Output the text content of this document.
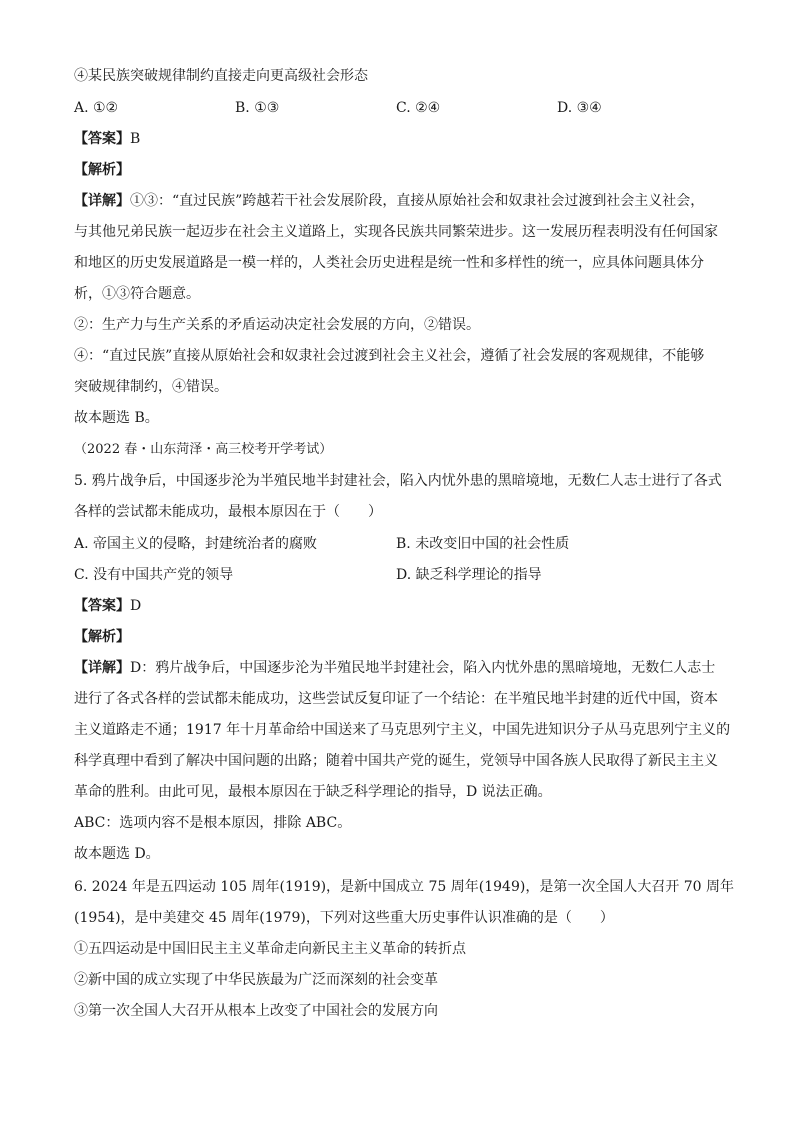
④某民族突破规律制约直接走向更高级社会形态
A. ①②	B. ①③	C. ②④	D. ③④
【答案】B
【解析】
【详解】①③：“直过民族”跨越若干社会发展阶段，直接从原始社会和奴隶社会过渡到社会主义社会，
与其他兄弟民族一起迈步在社会主义道路上，实现各民族共同繁荣进步。这一发展历程表明没有任何国家
和地区的历史发展道路是一模一样的，人类社会历史进程是统一性和多样性的统一，应具体问题具体分
析，①③符合题意。
②：生产力与生产关系的矛盾运动决定社会发展的方向，②错误。
④：“直过民族”直接从原始社会和奴隶社会过渡到社会主义社会，遵循了社会发展的客观规律，不能够
突破规律制约，④错误。
故本题选 B。
（2022 春・山东菏泽・高三校考开学考试）
5. 鸦片战争后，中国逐步沦为半殖民地半封建社会，陷入内忧外患的黑暗境地，无数仁人志士进行了各式
各样的尝试都未能成功，最根本原因在于（　　）
A. 帝国主义的侵略，封建统治者的腐败	B. 未改变旧中国的社会性质
C. 没有中国共产党的领导	D. 缺乏科学理论的指导
【答案】D
【解析】
【详解】D：鸦片战争后，中国逐步沦为半殖民地半封建社会，陷入内忧外患的黑暗境地，无数仁人志士
进行了各式各样的尝试都未能成功，这些尝试反复印证了一个结论：在半殖民地半封建的近代中国，资本
主义道路走不通；1917 年十月革命给中国送来了马克思列宁主义，中国先进知识分子从马克思列宁主义的
科学真理中看到了解决中国问题的出路；随着中国共产党的诞生，党领导中国各族人民取得了新民主主义
革命的胜利。由此可见，最根本原因在于缺乏科学理论的指导，D 说法正确。
ABC：选项内容不是根本原因，排除 ABC。
故本题选 D。
6. 2024 年是五四运动 105 周年(1919)，是新中国成立 75 周年(1949)，是第一次全国人大召开 70 周年
(1954)，是中美建交 45 周年(1979)，下列对这些重大历史事件认识准确的是（　　）
①五四运动是中国旧民主主义革命走向新民主主义革命的转折点
②新中国的成立实现了中华民族最为广泛而深刻的社会变革
③第一次全国人大召开从根本上改变了中国社会的发展方向
